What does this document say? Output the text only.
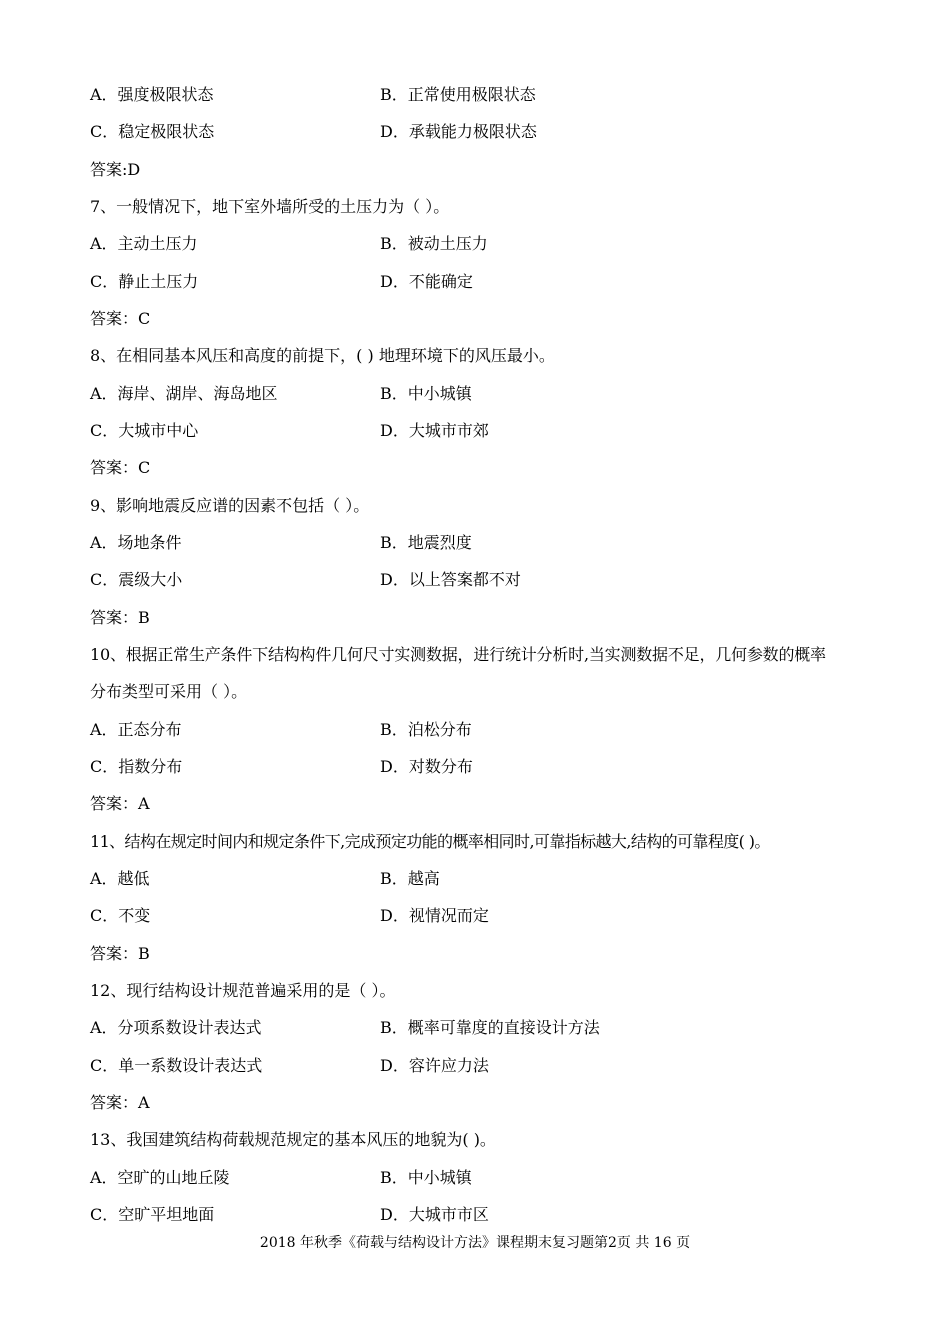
A．强度极限状态	B．正常使用极限状态
C．稳定极限状态	D．承载能力极限状态
答案:D
7、一般情况下，地下室外墙所受的土压力为（ ）。
A．主动土压力	B．被动土压力
C．静止土压力	D．不能确定
答案：C
8、在相同基本风压和高度的前提下，( ) 地理环境下的风压最小。
A．海岸、湖岸、海岛地区	B．中小城镇
C．大城市中心	D．大城市市郊
答案：C
9、影响地震反应谱的因素不包括（ ）。
A．场地条件	B．地震烈度
C．震级大小	D．以上答案都不对
答案：B
10、根据正常生产条件下结构构件几何尺寸实测数据，进行统计分析时,当实测数据不足，几何参数的概率
分布类型可采用（ ）。
A．正态分布	B．泊松分布
C．指数分布	D．对数分布
答案：A
11、结构在规定时间内和规定条件下,完成预定功能的概率相同时,可靠指标越大,结构的可靠程度( )。
A．越低	B．越高
C．不变	D．视情况而定
答案：B
12、现行结构设计规范普遍采用的是（ ）。
A．分项系数设计表达式	B．概率可靠度的直接设计方法
C．单一系数设计表达式	D．容许应力法
答案：A
13、我国建筑结构荷载规范规定的基本风压的地貌为( )。
A．空旷的山地丘陵	B．中小城镇
C．空旷平坦地面	D．大城市市区
2018 年秋季《荷载与结构设计方法》课程期末复习题第2页 共 16 页
